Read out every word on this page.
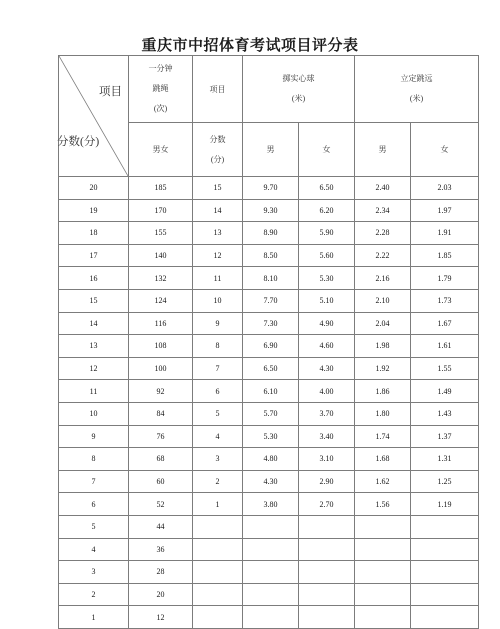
重庆市中招体育考试项目评分表
项目
分数(分)	一分钟
跳绳
(次)	项目	掷实心球
(米)		立定跳远
(米)	
	男女	分数
(分)	男	女	男	女
20	185	15	9.70	6.50	2.40	2.03
19	170	14	9.30	6.20	2.34	1.97
18	155	13	8.90	5.90	2.28	1.91
17	140	12	8.50	5.60	2.22	1.85
16	132	11	8.10	5.30	2.16	1.79
15	124	10	7.70	5.10	2.10	1.73
14	116	9	7.30	4.90	2.04	1.67
13	108	8	6.90	4.60	1.98	1.61
12	100	7	6.50	4.30	1.92	1.55
11	92	6	6.10	4.00	1.86	1.49
10	84	5	5.70	3.70	1.80	1.43
9	76	4	5.30	3.40	1.74	1.37
8	68	3	4.80	3.10	1.68	1.31
7	60	2	4.30	2.90	1.62	1.25
6	52	1	3.80	2.70	1.56	1.19
5	44					
4	36					
3	28					
2	20					
1	12					
